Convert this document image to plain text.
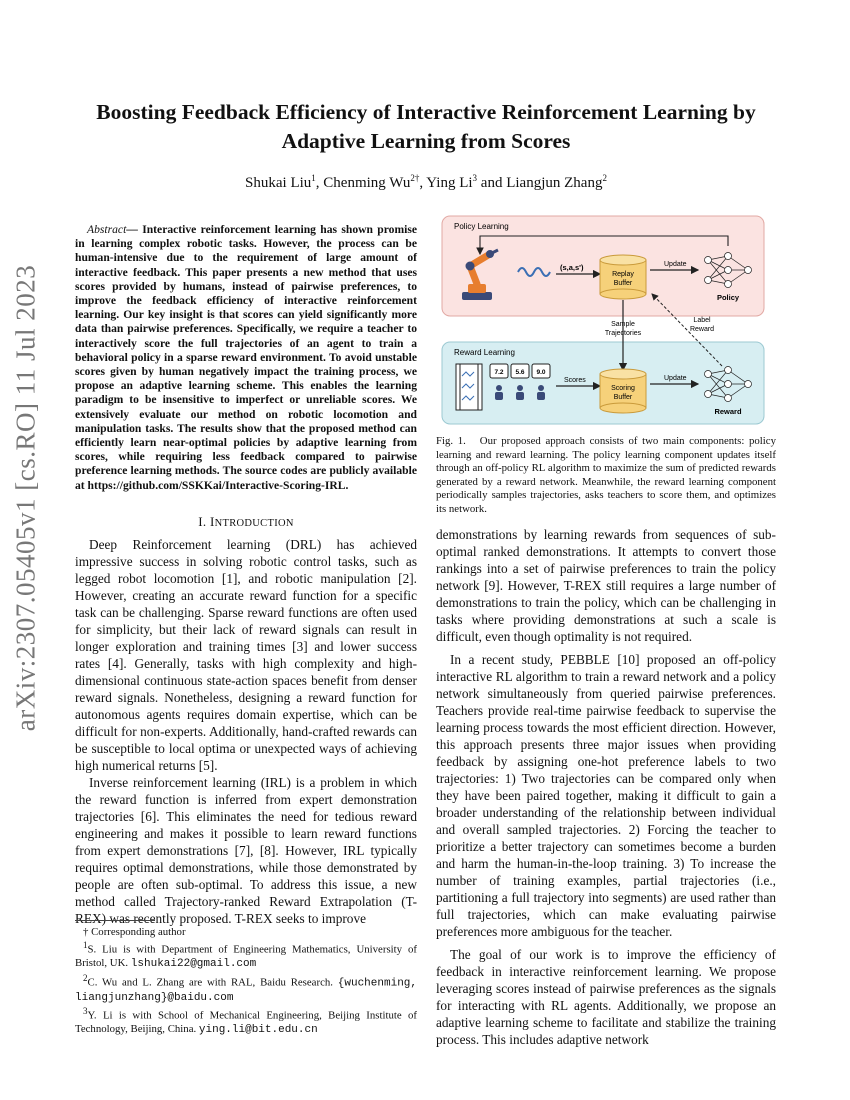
arXiv:2307.05405v1 [cs.RO] 11 Jul 2023
Boosting Feedback Efficiency of Interactive Reinforcement Learning by Adaptive Learning from Scores
Shukai Liu$^1$, Chenming $Wu^{2\dagger}$, Ying Li$^3$ and Liangjun Zhang$^2$
Abstract— Interactive reinforcement learning has shown promise in learning complex robotic tasks. However, the process can be human-intensive due to the requirement of large amount of interactive feedback. This paper presents a new method that uses scores provided by humans, instead of pairwise preferences, to improve the feedback efficiency of interactive reinforcement learning. Our key insight is that scores can yield significantly more data than pairwise preferences. Specifically, we require a teacher to interactively score the full trajectories of an agent to train a behavioral policy in a sparse reward environment. To avoid unstable scores given by human negatively impact the training process, we propose an adaptive learning scheme. This enables the learning paradigm to be insensitive to imperfect or unreliable scores. We extensively evaluate our method on robotic locomotion and manipulation tasks. The results show that the proposed method can efficiently learn near-optimal policies by adaptive learning from scores, while requiring less feedback compared to pairwise preference learning methods. The source codes are publicly available at https://github.com/SSKKai/Interactive-Scoring-IRL.
I. INTRODUCTION

Deep Reinforcement learning (DRL) has achieved impressive success in solving robotic control tasks, such as legged robot locomotion [1], and robotic manipulation [2]. However, creating an accurate reward function for a specific task can be challenging. Sparse reward functions are often used for simplicity, but their lack of reward signals can result in longer exploration and training times [3] and lower success rates [4]. Generally, tasks with high complexity and high-dimensional continuous state-action spaces benefit from denser reward signals. Nonetheless, designing a reward function for autonomous agents requires domain expertise, which can be difficult for non-experts. Additionally, hand-crafted rewards can be susceptible to local optima or unexpected ways of achieving high numerical returns [5].

Inverse reinforcement learning (IRL) is a problem in which the reward function is inferred from expert demonstration trajectories [6]. This eliminates the need for tedious reward engineering and makes it possible to learn reward functions from expert demonstrations [7], [8]. However, IRL typically requires optimal demonstrations, while those demonstrated by people are often sub-optimal. To address this issue, a new method called Trajectory-ranked Reward Extrapolation (T-REX) was recently proposed. T-REX seeks to improve

† Corresponding author
$^1$S. Liu is with Department of Engineering Mathematics, University of Bristol, UK. lshukai22@gmail.com
$^2$C. Wu and L. Zhang are with RAL, Baidu Research. {wuchenming, liangjunzhang}@baidu.com
$^3$Y. Li is with School of Mechanical Engineering, Beijing Institute of Technology, Beijing, China. ying.li@bit.edu.cn
Policy Learning
Reward Learning
(s,a,s')
Replay
Buffer
Update
Policy
Sample
Trajectories
Label
Reward
7.2 5.6 9.0
Scores
Scoring
Buffer
Update
Reward
Fig. 1. Our proposed approach consists of two main components: policy learning and reward learning. The policy learning component updates itself through an off-policy RL algorithm to maximize the sum of predicted rewards generated by a reward network. Meanwhile, the reward learning component periodically samples trajectories, asks teachers to score them, and optimizes its network.

demonstrations by learning rewards from sequences of sub-optimal ranked demonstrations. It attempts to convert those rankings into a set of pairwise preferences to train the policy network [9]. However, T-REX still requires a large number of demonstrations to train the policy, which can be challenging in tasks where providing demonstrations at such a scale is difficult, even though optimality is not required.

In a recent study, PEBBLE [10] proposed an off-policy interactive RL algorithm to train a reward network and a policy network simultaneously from queried pairwise preferences. Teachers provide real-time pairwise feedback to supervise the learning process towards the most efficient direction. However, this approach presents three major issues when providing feedback by assigning one-hot preference labels to two trajectories: 1) Two trajectories can be compared only when they have been paired together, making it difficult to gain a broader understanding of the relationship between individual and overall sampled trajectories. 2) Forcing the teacher to prioritize a better trajectory can sometimes become a burden and harm the human-in-the-loop training. 3) To increase the number of training examples, partial trajectories (i.e., partitioning a full trajectory into segments) are used rather than full trajectories, which can make evaluating pairwise preferences more ambiguous for the teacher.

The goal of our work is to improve the efficiency of feedback in interactive reinforcement learning. We propose leveraging scores instead of pairwise preferences as the signals for interacting with RL agents. Additionally, we propose an adaptive learning scheme to facilitate and stabilize the training process. This includes adaptive network
